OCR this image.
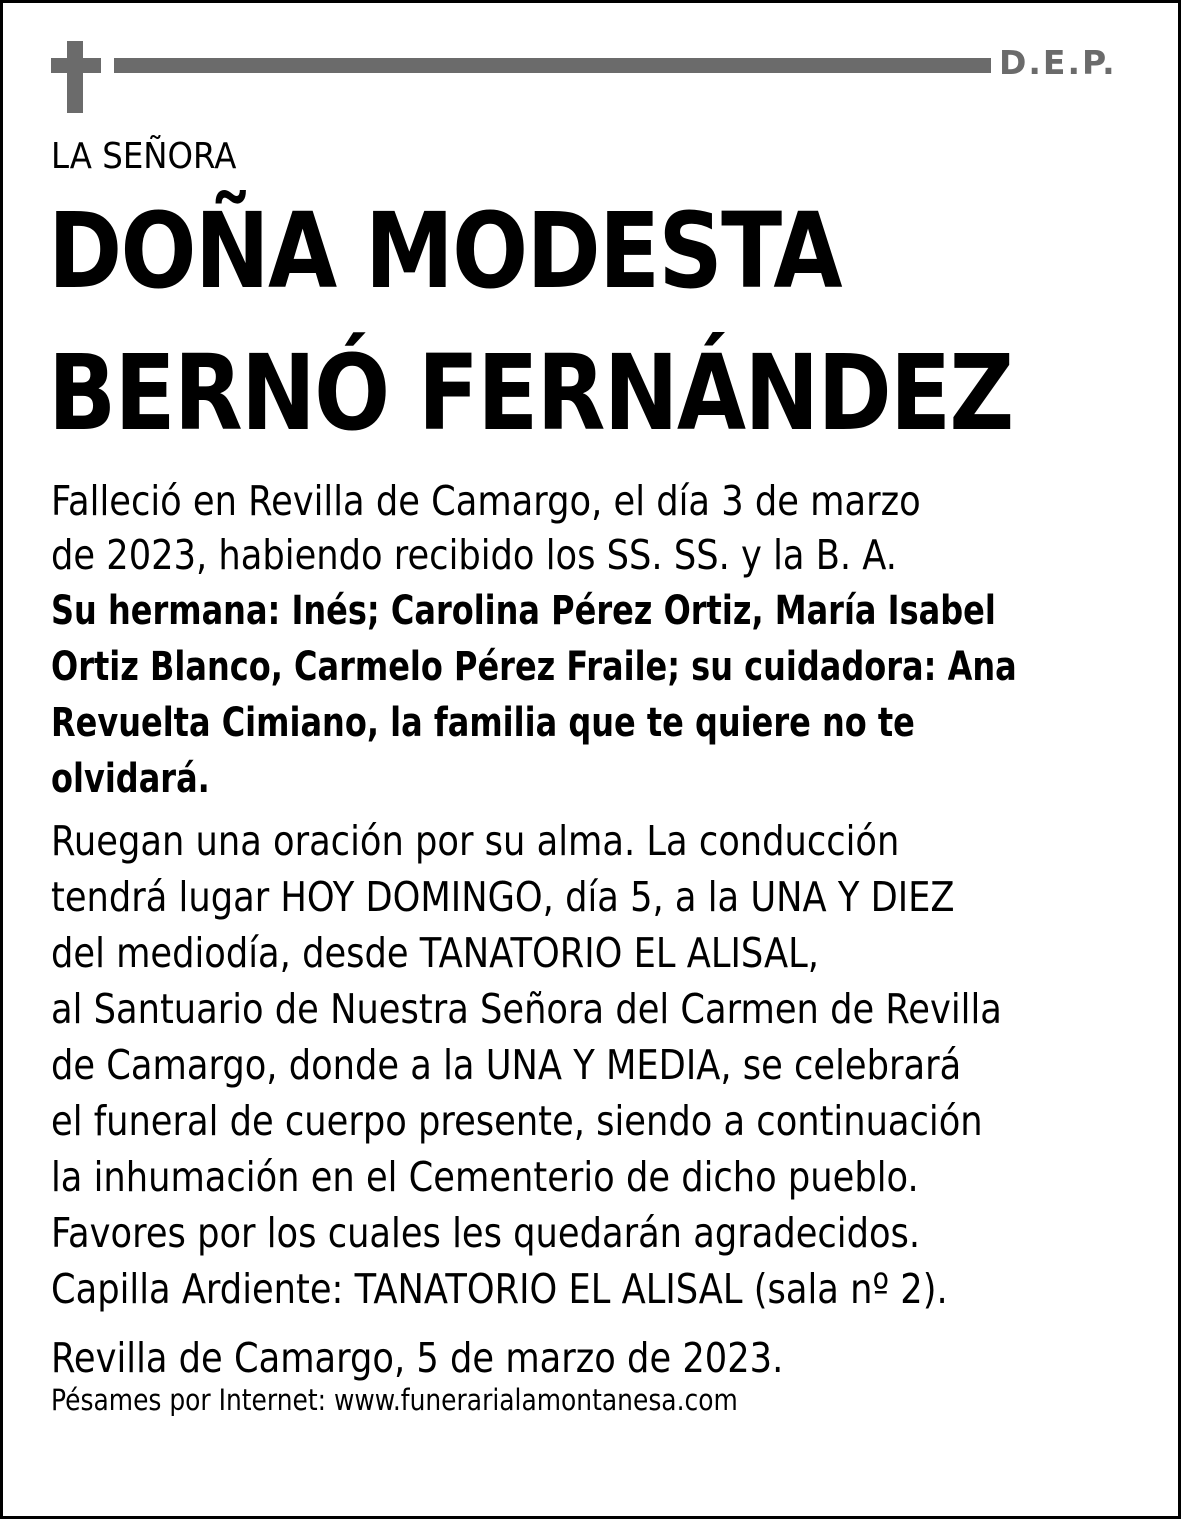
D.E.P.
LA SEÑORA
DOÑA MODESTA
BERNÓ FERNÁNDEZ
Falleció en Revilla de Camargo, el día 3 de marzo
de 2023, habiendo recibido los SS. SS. y la B. A.
Su hermana: Inés; Carolina Pérez Ortiz, María Isabel
Ortiz Blanco, Carmelo Pérez Fraile; su cuidadora: Ana
Revuelta Cimiano, la familia que te quiere no te
olvidará.
Ruegan una oración por su alma. La conducción
tendrá lugar HOY DOMINGO, día 5, a la UNA Y DIEZ
del mediodía, desde TANATORIO EL ALISAL,
al Santuario de Nuestra Señora del Carmen de Revilla
de Camargo, donde a la UNA Y MEDIA, se celebrará
el funeral de cuerpo presente, siendo a continuación
la inhumación en el Cementerio de dicho pueblo.
Favores por los cuales les quedarán agradecidos.
Capilla Ardiente: TANATORIO EL ALISAL (sala nº 2).
Revilla de Camargo, 5 de marzo de 2023.
Pésames por Internet: www.funerarialamontanesa.com
